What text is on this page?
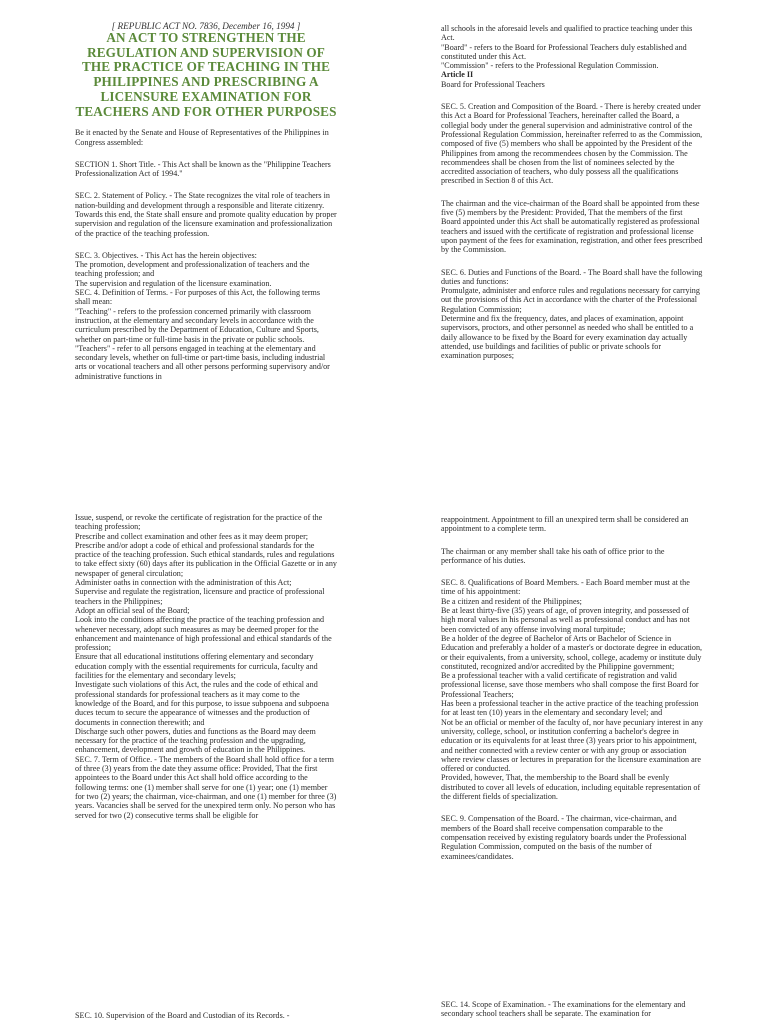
[ REPUBLIC ACT NO. 7836, December 16, 1994 ]

AN ACT TO STRENGTHEN THE REGULATION AND SUPERVISION OF THE PRACTICE OF TEACHING IN THE PHILIPPINES AND PRESCRIBING A LICENSURE EXAMINATION FOR TEACHERS AND FOR OTHER PURPOSES

Be it enacted by the Senate and House of Representatives of the Philippines in Congress assembled:

SECTION 1. Short Title. - This Act shall be known as the "Philippine Teachers Professionalization Act of 1994."

SEC. 2. Statement of Policy. - The State recognizes the vital role of teachers in nation-building and development through a responsible and literate citizenry. Towards this end, the State shall ensure and promote quality education by proper supervision and regulation of the licensure examination and professionalization of the practice of the teaching profession.

SEC. 3. Objectives. - This Act has the herein objectives:

The promotion, development and professionalization of teachers and the teaching profession; and

The supervision and regulation of the licensure examination.

SEC. 4. Definition of Terms. - For purposes of this Act, the following terms shall mean:

"Teaching" - refers to the profession concerned primarily with classroom instruction, at the elementary and secondary levels in accordance with the curriculum prescribed by the Department of Education, Culture and Sports, whether on part-time or full-time basis in the private or public schools.

"Teachers" - refer to all persons engaged in teaching at the elementary and secondary levels, whether on full-time or part-time basis, including industrial arts or vocational teachers and all other persons performing supervisory and/or administrative functions in

all schools in the aforesaid levels and qualified to practice teaching under this Act.

"Board" - refers to the Board for Professional Teachers duly established and constituted under this Act.

"Commission" - refers to the Professional Regulation Commission.

Article II

Board for Professional Teachers

SEC. 5. Creation and Composition of the Board. - There is hereby created under this Act a Board for Professional Teachers, hereinafter called the Board, a collegial body under the general supervision and administrative control of the Professional Regulation Commission, hereinafter referred to as the Commission, composed of five (5) members who shall be appointed by the President of the Philippines from among the recommendees chosen by the Commission. The recommendees shall be chosen from the list of nominees selected by the accredited association of teachers, who duly possess all the qualifications prescribed in Section 8 of this Act.

The chairman and the vice-chairman of the Board shall be appointed from these five (5) members by the President: Provided, That the members of the first Board appointed under this Act shall be automatically registered as professional teachers and issued with the certificate of registration and professional license upon payment of the fees for examination, registration, and other fees prescribed by the Commission.

SEC. 6. Duties and Functions of the Board. - The Board shall have the following duties and functions:

Promulgate, administer and enforce rules and regulations necessary for carrying out the provisions of this Act in accordance with the charter of the Professional Regulation Commission;

Determine and fix the frequency, dates, and places of examination, appoint supervisors, proctors, and other personnel as needed who shall be entitled to a daily allowance to be fixed by the Board for every examination day actually attended, use buildings and facilities of public or private schools for examination purposes;

Issue, suspend, or revoke the certificate of registration for the practice of the teaching profession;

Prescribe and collect examination and other fees as it may deem proper;

Prescribe and/or adopt a code of ethical and professional standards for the practice of the teaching profession. Such ethical standards, rules and regulations to take effect sixty (60) days after its publication in the Official Gazette or in any newspaper of general circulation;

Administer oaths in connection with the administration of this Act;

Supervise and regulate the registration, licensure and practice of professional teachers in the Philippines;

Adopt an official seal of the Board;

Look into the conditions affecting the practice of the teaching profession and whenever necessary, adopt such measures as may be deemed proper for the enhancement and maintenance of high professional and ethical standards of the profession;

Ensure that all educational institutions offering elementary and secondary education comply with the essential requirements for curricula, faculty and facilities for the elementary and secondary levels;

Investigate such violations of this Act, the rules and the code of ethical and professional standards for professional teachers as it may come to the knowledge of the Board, and for this purpose, to issue subpoena and subpoena duces tecum to secure the appearance of witnesses and the production of documents in connection therewith; and

Discharge such other powers, duties and functions as the Board may deem necessary for the practice of the teaching profession and the upgrading, enhancement, development and growth of education in the Philippines.

SEC. 7. Term of Office. - The members of the Board shall hold office for a term of three (3) years from the date they assume office: Provided, That the first appointees to the Board under this Act shall hold office according to the following terms: one (1) member shall serve for one (1) year; one (1) member for two (2) years; the chairman, vice-chairman, and one (1) member for three (3) years. Vacancies shall be served for the unexpired term only. No person who has served for two (2) consecutive terms shall be eligible for

reappointment. Appointment to fill an unexpired term shall be considered an appointment to a complete term.

The chairman or any member shall take his oath of office prior to the performance of his duties.

SEC. 8. Qualifications of Board Members. - Each Board member must at the time of his appointment:

Be a citizen and resident of the Philippines;

Be at least thirty-five (35) years of age, of proven integrity, and possessed of high moral values in his personal as well as professional conduct and has not been convicted of any offense involving moral turpitude;

Be a holder of the degree of Bachelor of Arts or Bachelor of Science in Education and preferably a holder of a master's or doctorate degree in education, or their equivalents, from a university, school, college, academy or institute duly constituted, recognized and/or accredited by the Philippine government;

Be a professional teacher with a valid certificate of registration and valid professional license, save those members who shall compose the first Board for Professional Teachers;

Has been a professional teacher in the active practice of the teaching profession for at least ten (10) years in the elementary and secondary level; and

Not be an official or member of the faculty of, nor have pecuniary interest in any university, college, school, or institution conferring a bachelor's degree in education or its equivalents for at least three (3) years prior to his appointment, and neither connected with a review center or with any group or association where review classes or lectures in preparation for the licensure examination are offered or conducted.

Provided, however, That, the membership to the Board shall be evenly distributed to cover all levels of education, including equitable representation of the different fields of specialization.

SEC. 9. Compensation of the Board. - The chairman, vice-chairman, and members of the Board shall receive compensation comparable to the compensation received by existing regulatory boards under the Professional Regulation Commission, computed on the basis of the number of examinees/candidates.

SEC. 10. Supervision of the Board and Custodian of its Records. -

SEC. 14. Scope of Examination. - The examinations for the elementary and secondary school teachers shall be separate. The examination for
